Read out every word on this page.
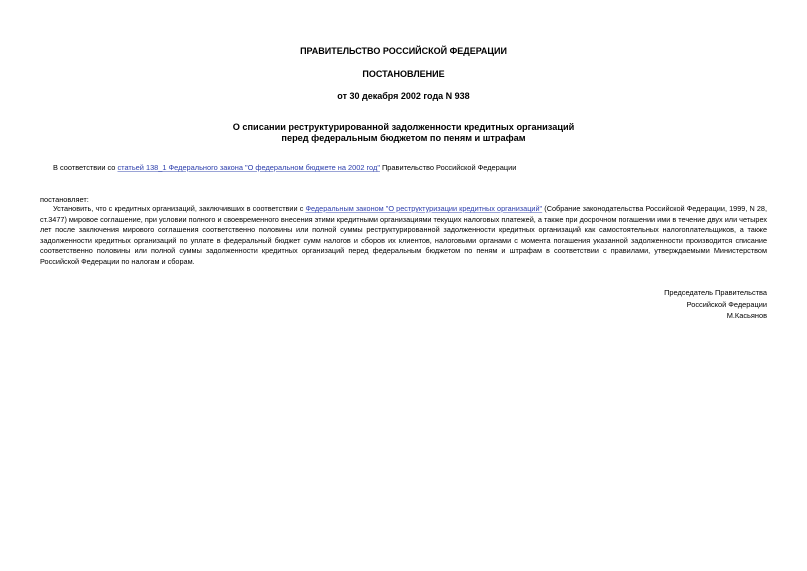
ПРАВИТЕЛЬСТВО РОССИЙСКОЙ ФЕДЕРАЦИИ
ПОСТАНОВЛЕНИЕ
от 30 декабря 2002 года N 938
О списании реструктурированной задолженности кредитных организаций
перед федеральным бюджетом по пеням и штрафам
В соответствии со статьей 138_1 Федерального закона "О федеральном бюджете на 2002 год" Правительство Российской Федерации
постановляет:
Установить, что с кредитных организаций, заключивших в соответствии с Федеральным законом "О реструктуризации кредитных организаций" (Собрание законодательства Российской Федерации, 1999, N 28, ст.3477) мировое соглашение, при условии полного и своевременного внесения этими кредитными организациями текущих налоговых платежей, а также при досрочном погашении ими в течение двух или четырех лет после заключения мирового соглашения соответственно половины или полной суммы реструктурированной задолженности кредитных организаций как самостоятельных налогоплательщиков, а также задолженности кредитных организаций по уплате в федеральный бюджет сумм налогов и сборов их клиентов, налоговыми органами с момента погашения указанной задолженности производится списание соответственно половины или полной суммы задолженности кредитных организаций перед федеральным бюджетом по пеням и штрафам в соответствии с правилами, утверждаемыми Министерством Российской Федерации по налогам и сборам.
Председатель Правительства
Российской Федерации
М.Касьянов
